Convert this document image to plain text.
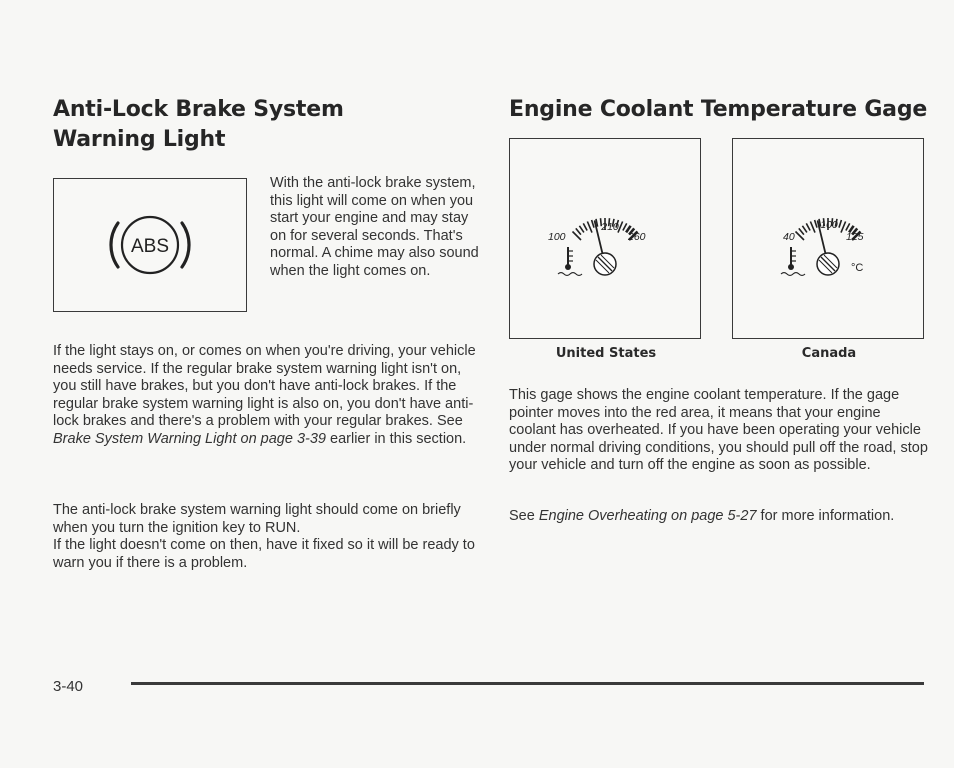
Anti-Lock Brake System Warning Light
Engine Coolant Temperature Gage
ABS

With the anti-lock brake system, this light will come on when you start your engine and may stay on for several seconds. That's normal. A chime may also sound when the light comes on.

If the light stays on, or comes on when you're driving, your vehicle needs service. If the regular brake system warning light isn't on, you still have brakes, but you don't have anti-lock brakes. If the regular brake system warning light is also on, you don't have anti-lock brakes and there's a problem with your regular brakes. See Brake System Warning Light on page 3-39 earlier in this section.

The anti-lock brake system warning light should come on briefly when you turn the ignition key to RUN.
If the light doesn't come on then, have it fixed so it will be ready to warn you if there is a problem.

210
100	260
100
40	125
°C
United States	Canada

This gage shows the engine coolant temperature. If the gage pointer moves into the red area, it means that your engine coolant has overheated. If you have been operating your vehicle under normal driving conditions, you should pull off the road, stop your vehicle and turn off the engine as soon as possible.

See Engine Overheating on page 5-27 for more information.

3-40
